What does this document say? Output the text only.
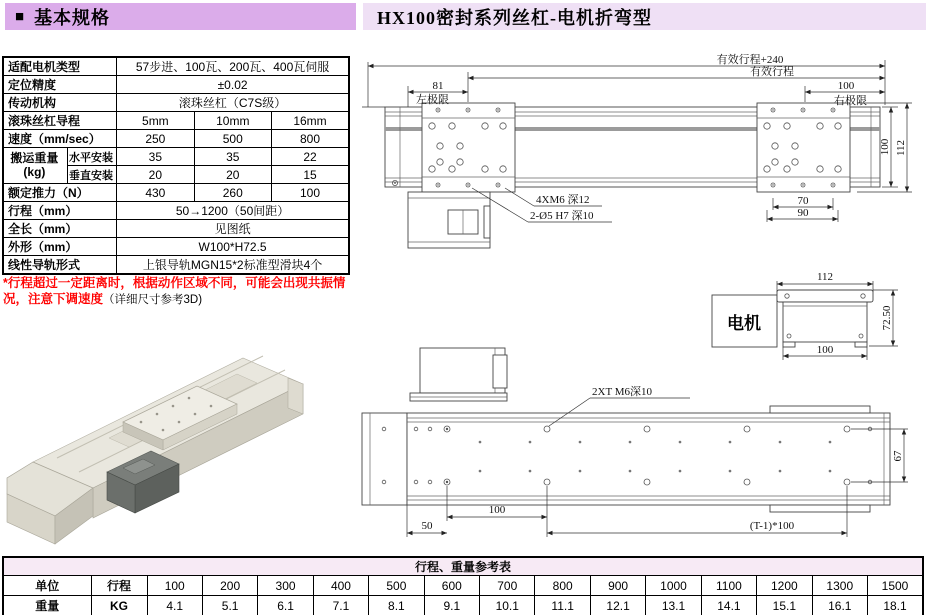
■ 基本规格	HX100密封系列丝杠-电机折弯型
适配电机类型		57步进、100瓦、200瓦、400瓦伺服		
定位精度		±0.02		
传动机构		滚珠丝杠（C7S级）		
滚珠丝杠导程		5mm	10mm	16mm
速度（mm/sec）		250	500	800

搬运重量
(kg)	水平安装	35	35	22
	垂直安装	20	20	15
额定推力（N）		430	260	100
行程（mm）		50→1200（50间距）		
全长（mm）		见图纸		
外形（mm）		W100*H72.5		
线性导轨形式		上银导轨MGN15*2标准型滑块4个		
*行程超过一定距离时，根据动作区域不同，可能会出现共振情况，注意下调速度（详细尺寸参考3D)
有效行程+240
有效行程
81
左极限
100
右极限
100 112
70
90
4XM6 深12
2-Ø5 H7 深10
电机
112
72.50
100
2XT M6深10
100
50	(T-1)*100
67
行程、重量参考表															
单位	行程	100	200	300	400	500	600	700	800	900	1000	1100	1200	1300	1500
重量	KG	4.1	5.1	6.1	7.1	8.1	9.1	10.1	11.1	12.1	13.1	14.1	15.1	16.1	18.1
